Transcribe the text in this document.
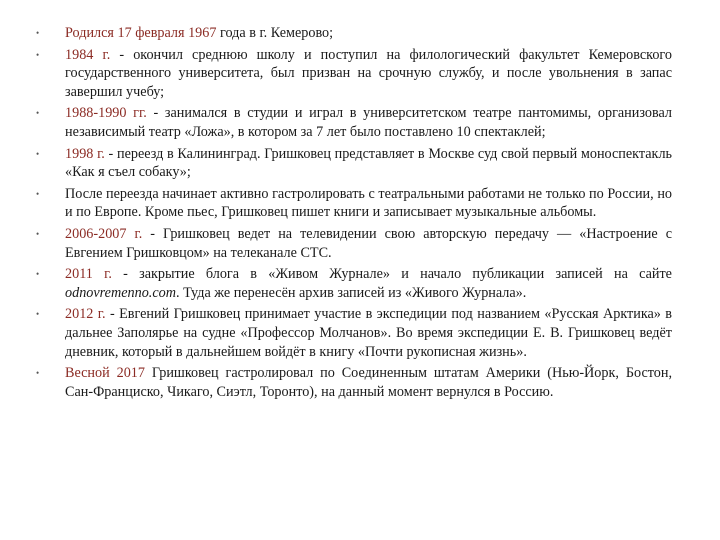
• Родился 17 февраля 1967 года в г. Кемерово;
• 1984 г. - окончил среднюю школу и поступил на филологический факультет Кемеровского государственного университета, был призван на срочную службу, и после увольнения в запас завершил учебу;
• 1988-1990 гг. - занимался в студии и играл в университетском театре пантомимы, организовал независимый театр «Ложа», в котором за 7 лет было поставлено 10 спектаклей;
• 1998 г. - переезд в Калининград. Гришковец представляет в Москве суд свой первый моноспектакль «Как я съел собаку»;
• После переезда начинает активно гастролировать с театральными работами не только по России, но и по Европе. Кроме пьес, Гришковец пишет книги и записывает музыкальные альбомы.
• 2006-2007 г. - Гришковец ведет на телевидении свою авторскую передачу — «Настроение с Евгением Гришковцом» на телеканале СТС.
• 2011 г. - закрытие блога в «Живом Журнале» и начало публикации записей на сайте odnovremenno.com. Туда же перенесён архив записей из «Живого Журнала».
• 2012 г. - Евгений Гришковец принимает участие в экспедиции под названием «Русская Арктика» в дальнее Заполярье на судне «Профессор Молчанов». Во время экспедиции Е. В. Гришковец ведёт дневник, который в дальнейшем войдёт в книгу «Почти рукописная жизнь».
• Весной 2017 Гришковец гастролировал по Соединенным штатам Америки (Нью-Йорк, Бостон, Сан-Франциско, Чикаго, Сиэтл, Торонто), на данный момент вернулся в Россию.
